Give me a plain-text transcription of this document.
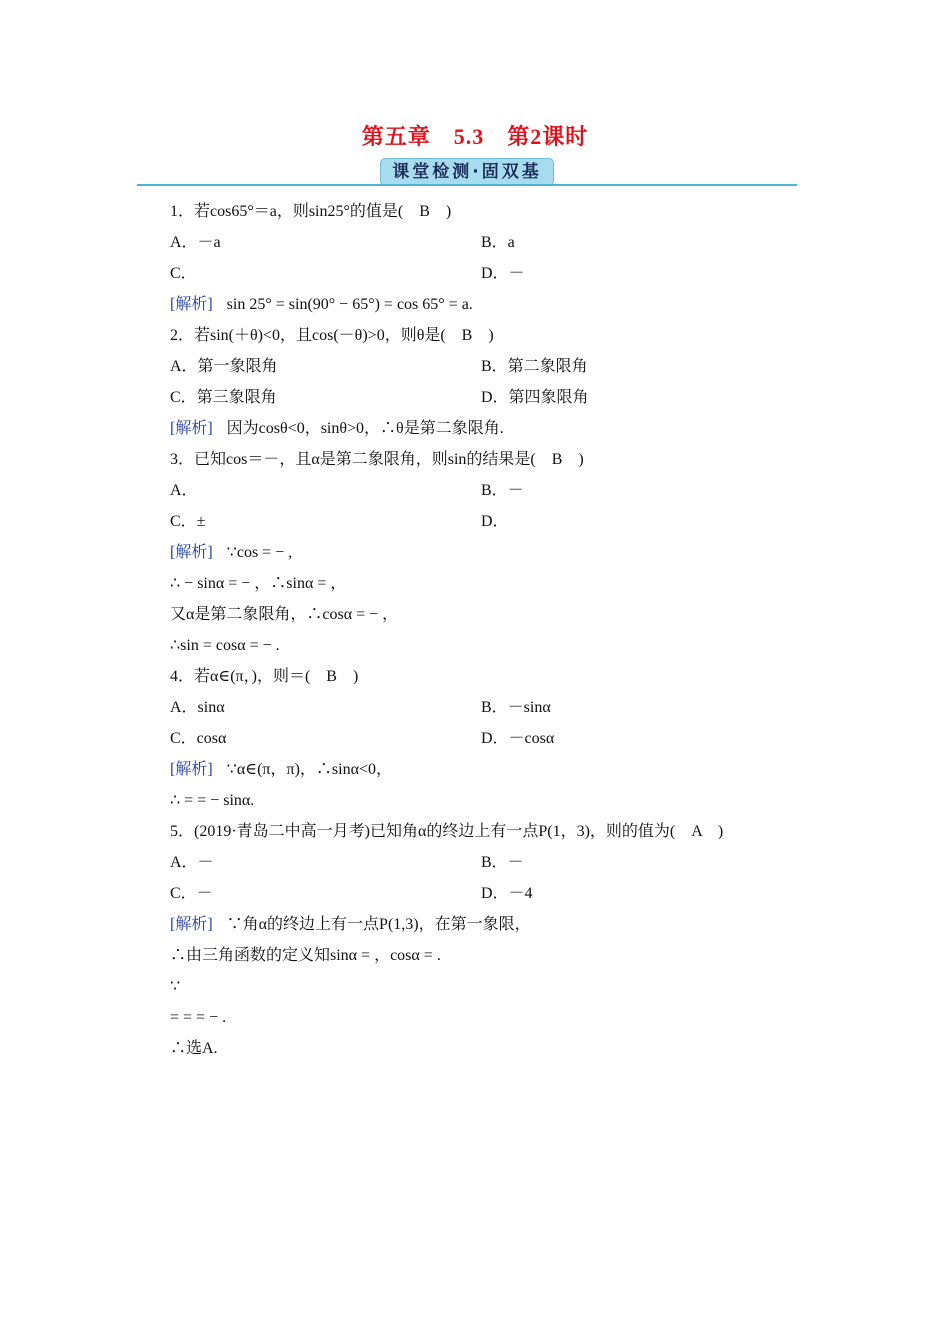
第五章　5.3　第2课时
课堂检测·固双基
1．若cos65°＝a，则sin25°的值是(　B　)
A．－a	B．a
C．	D．－
[解析] sin 25° = sin(90° − 65°) = cos 65° = a.
2．若sin(＋θ)<0，且cos(－θ)>0，则θ是(　B　)
A．第一象限角	B．第二象限角
C．第三象限角	D．第四象限角
[解析] 因为cosθ<0，sinθ>0，∴θ是第二象限角.
3．已知cos＝－，且α是第二象限角，则sin的结果是(　B　)
A．	B．－
C．±	D．
[解析] ∵cos = − ,
∴ − sinα = − ，∴sinα = ，
又α是第二象限角，∴cosα = − ，
∴sin = cosα = − .
4．若α∈(π，)，则＝(　B　)
A．sinα	B．－sinα
C．cosα	D．－cosα
[解析] ∵α∈(π，π)，∴sinα<0，
∴ = = − sinα.
5．(2019·青岛二中高一月考)已知角α的终边上有一点P(1，3)，则的值为(　A　)
A．－	B．－
C．－	D．－4
[解析] ∵角α的终边上有一点P(1,3)，在第一象限，
∴由三角函数的定义知sinα = ，cosα = .
∵
= = = − .
∴选A.
